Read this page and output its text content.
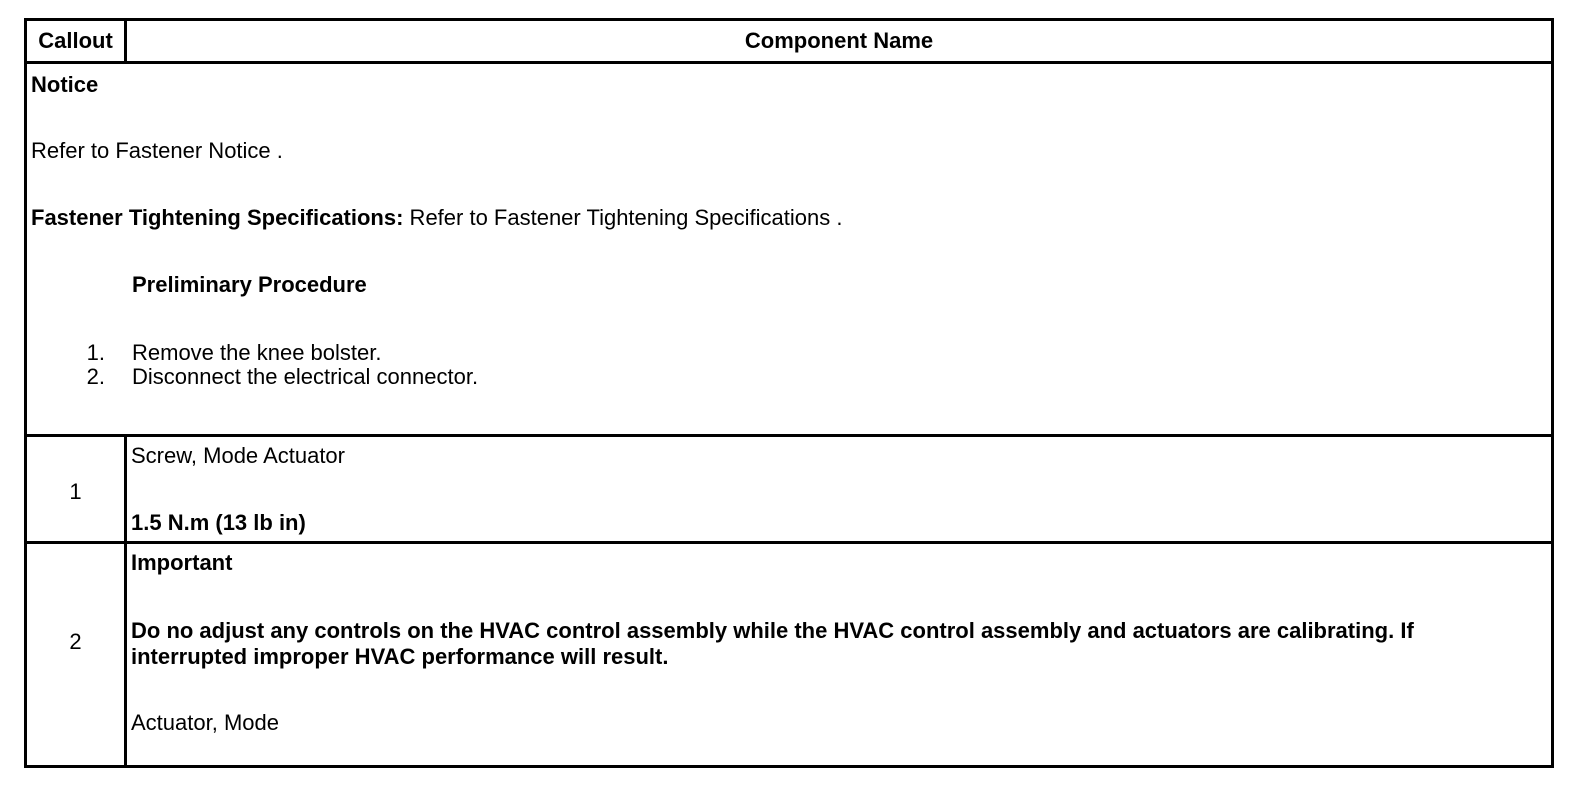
Callout	Component Name
Notice
Refer to Fastener Notice .
Fastener Tightening Specifications: Refer to Fastener Tightening Specifications .
Preliminary Procedure
1. Remove the knee bolster.
2. Disconnect the electrical connector.
1
Screw, Mode Actuator
1.5 N.m (13 lb in)
2
Important
Do no adjust any controls on the HVAC control assembly while the HVAC control assembly and actuators are calibrating. If interrupted improper HVAC performance will result.
Actuator, Mode
